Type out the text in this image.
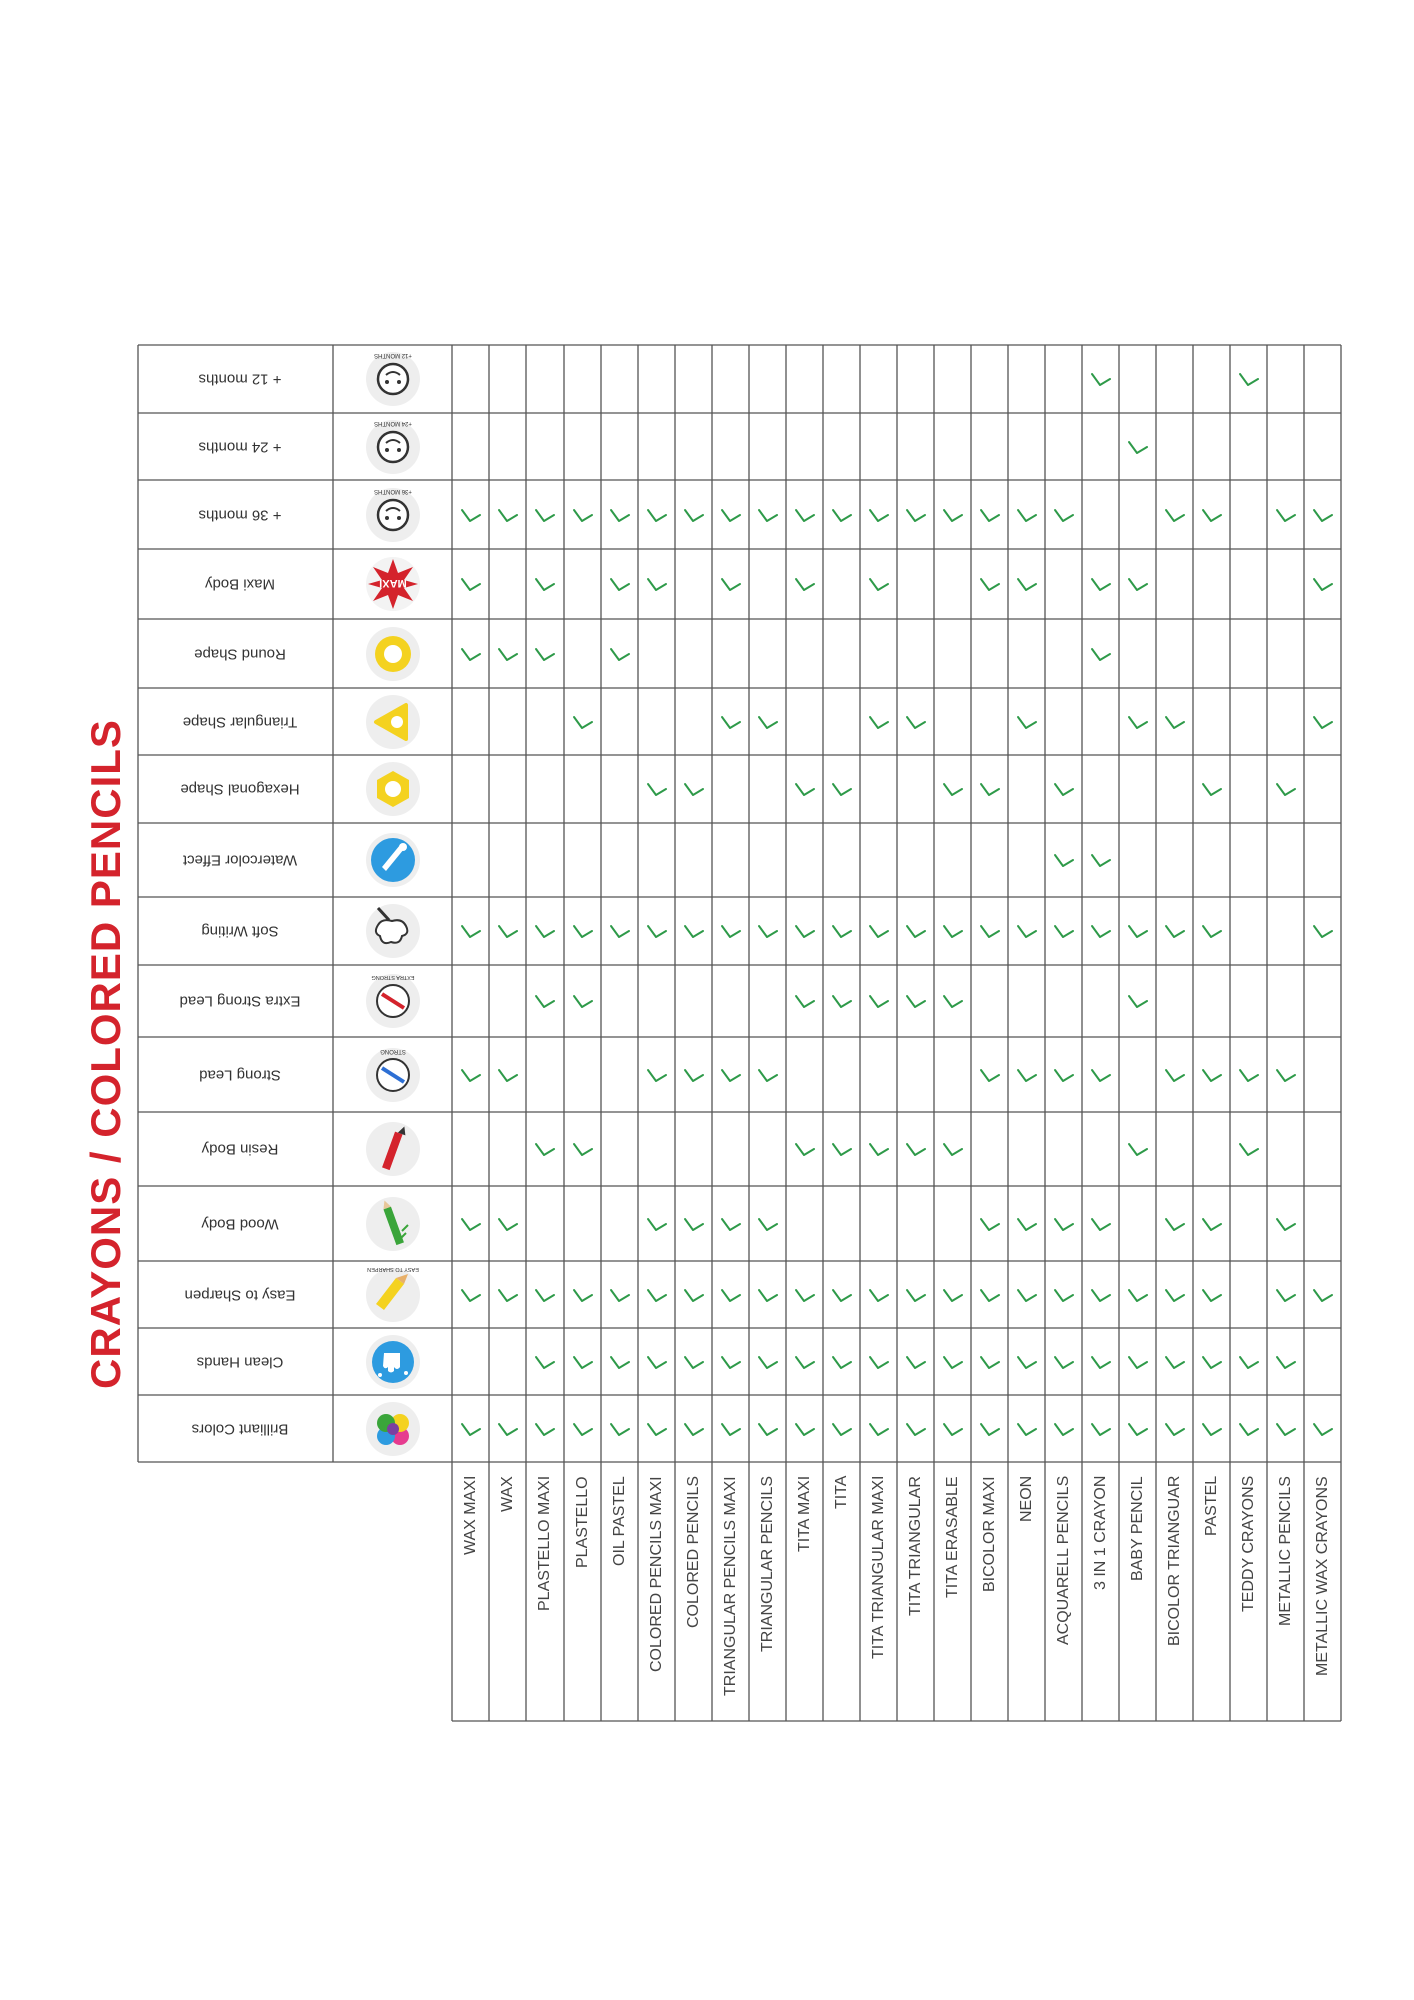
CRAYONS / COLORED PENCILS
+ 12 months
+12 MONTHS
+ 24 months
+24 MONTHS
+ 36 months
+36 MONTHS
Maxi Body	MAXI
Round Shape
Triangular Shape
Hexagonal Shape
Watercolor Effect
Soft Writing
Extra Strong Lead
EXTRA STRONG
Strong Lead
STRONG
Resin Body
Wood Body
Easy to Sharpen
EASY TO SHARPEN
Clean Hands
Brilliant Colors
WAX MAXI WAX PLASTELLO MAXI PLASTELLO OIL PASTEL COLORED PENCILS MAXI COLORED PENCILS TRIANGULAR PENCILS MAXI TRIANGULAR PENCILS TITA MAXI TITA TITA TRIANGULAR MAXI TITA TRIANGULAR TITA ERASABLE BICOLOR MAXI NEON ACQUARELL PENCILS 3 IN 1 CRAYON BABY PENCIL BICOLOR TRIANGUAR PASTEL TEDDY CRAYONS METALLIC PENCILS METALLIC WAX CRAYONS
